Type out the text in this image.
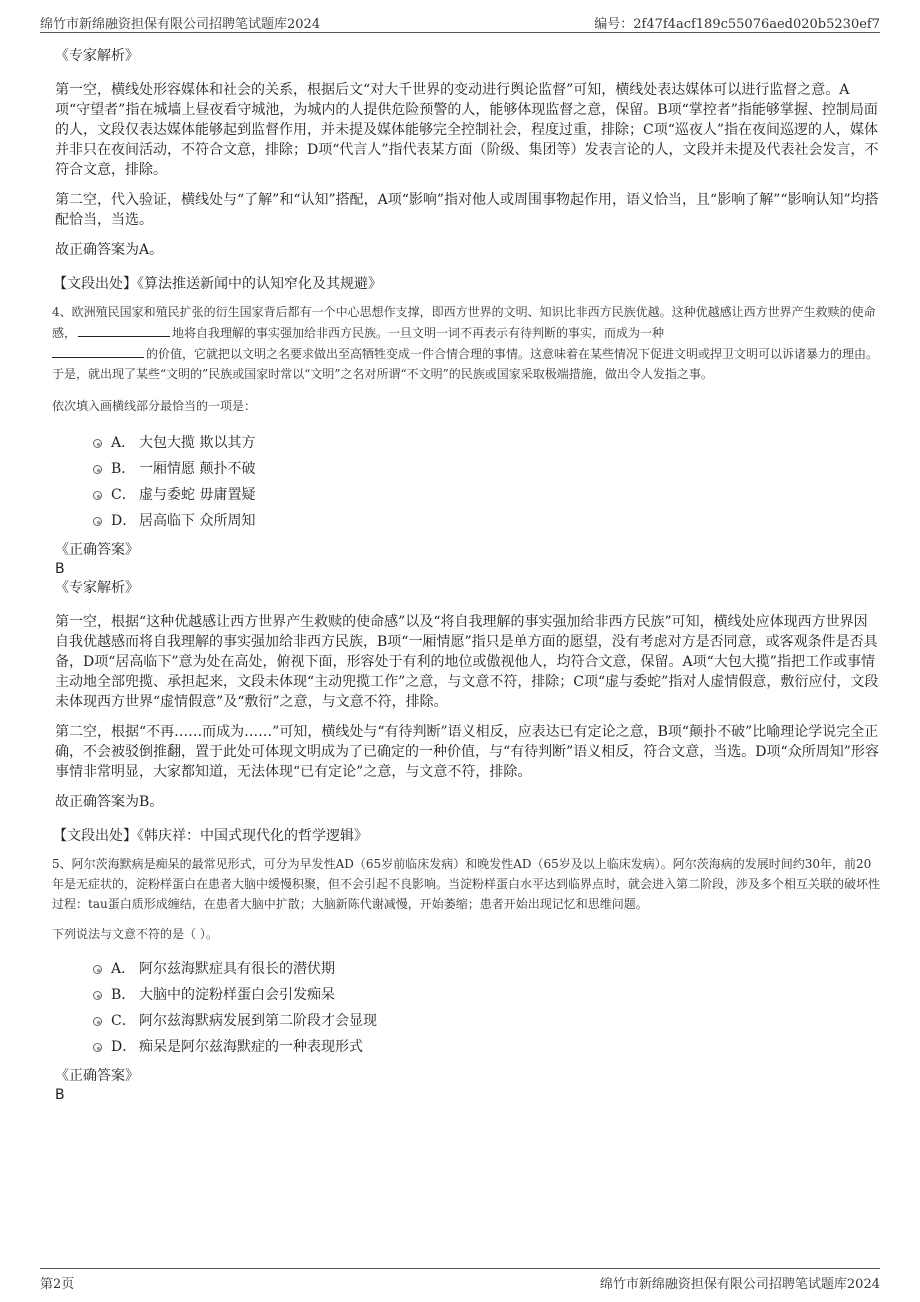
绵竹市新绵融资担保有限公司招聘笔试题库2024	编号：2f47f4acf189c55076aed020b5230ef7

《专家解析》

第一空，横线处形容媒体和社会的关系，根据后文“对大千世界的变动进行舆论监督”可知，横线处表达媒体可以进行监督之意。A项“守望者”指在城墙上昼夜看守城池，为城内的人提供危险预警的人，能够体现监督之意，保留。B项“掌控者”指能够掌握、控制局面的人，文段仅表达媒体能够起到监督作用，并未提及媒体能够完全控制社会，程度过重，排除；C项“巡夜人”指在夜间巡逻的人，媒体并非只在夜间活动，不符合文意，排除；D项“代言人”指代表某方面（阶级、集团等）发表言论的人，文段并未提及代表社会发言，不符合文意，排除。

第二空，代入验证，横线处与“了解”和“认知”搭配，A项“影响”指对他人或周围事物起作用，语义恰当，且“影响了解”“影响认知”均搭配恰当，当选。

故正确答案为A。

【文段出处】《算法推送新闻中的认知窄化及其规避》

4、欧洲殖民国家和殖民扩张的衍生国家背后都有一个中心思想作支撑，即西方世界的文明、知识比非西方民族优越。这种优越感让西方世界产生救赎的使命感，	地将自我理解的事实强加给非西方民族。一旦文明一词不再表示有待判断的事实，而成为一种
的价值，它就把以文明之名要求做出至高牺牲变成一件合情合理的事情。这意味着在某些情况下促进文明或捍卫文明可以诉诸暴力的理由。于是，就出现了某些“文明的”民族或国家时常以“文明”之名对所谓“不文明”的民族或国家采取极端措施，做出令人发指之事。

依次填入画横线部分最恰当的一项是：

A． 大包大揽 欺以其方
B． 一厢情愿 颠扑不破
C． 虚与委蛇 毋庸置疑
D． 居高临下 众所周知

《正确答案》

B

《专家解析》

第一空，根据“这种优越感让西方世界产生救赎的使命感”以及“将自我理解的事实强加给非西方民族”可知，横线处应体现西方世界因自我优越感而将自我理解的事实强加给非西方民族，B项“一厢情愿”指只是单方面的愿望，没有考虑对方是否同意，或客观条件是否具备，D项“居高临下”意为处在高处，俯视下面，形容处于有利的地位或傲视他人，均符合文意，保留。A项“大包大揽”指把工作或事情主动地全部兜揽、承担起来，文段未体现“主动兜揽工作”之意，与文意不符，排除；C项“虚与委蛇”指对人虚情假意，敷衍应付，文段未体现西方世界“虚情假意”及“敷衍”之意，与文意不符，排除。

第二空，根据“不再……而成为……”可知，横线处与“有待判断”语义相反，应表达已有定论之意，B项“颠扑不破”比喻理论学说完全正确，不会被驳倒推翻，置于此处可体现文明成为了已确定的一种价值，与“有待判断”语义相反，符合文意，当选。D项“众所周知”形容事情非常明显，大家都知道，无法体现“已有定论”之意，与文意不符，排除。

故正确答案为B。

【文段出处】《韩庆祥：中国式现代化的哲学逻辑》

5、阿尔茨海默病是痴呆的最常见形式，可分为早发性AD（65岁前临床发病）和晚发性AD（65岁及以上临床发病）。阿尔茨海病的发展时间约30年，前20年是无症状的，淀粉样蛋白在患者大脑中缓慢积聚，但不会引起不良影响。当淀粉样蛋白水平达到临界点时，就会进入第二阶段，涉及多个相互关联的破坏性过程：tau蛋白质形成缠结，在患者大脑中扩散；大脑新陈代谢减慢，开始萎缩；患者开始出现记忆和思维问题。

下列说法与文意不符的是（ ）。

A． 阿尔兹海默症具有很长的潜伏期
B． 大脑中的淀粉样蛋白会引发痴呆
C． 阿尔兹海默病发展到第二阶段才会显现
D． 痴呆是阿尔兹海默症的一种表现形式

《正确答案》

B

第2页	绵竹市新绵融资担保有限公司招聘笔试题库2024
